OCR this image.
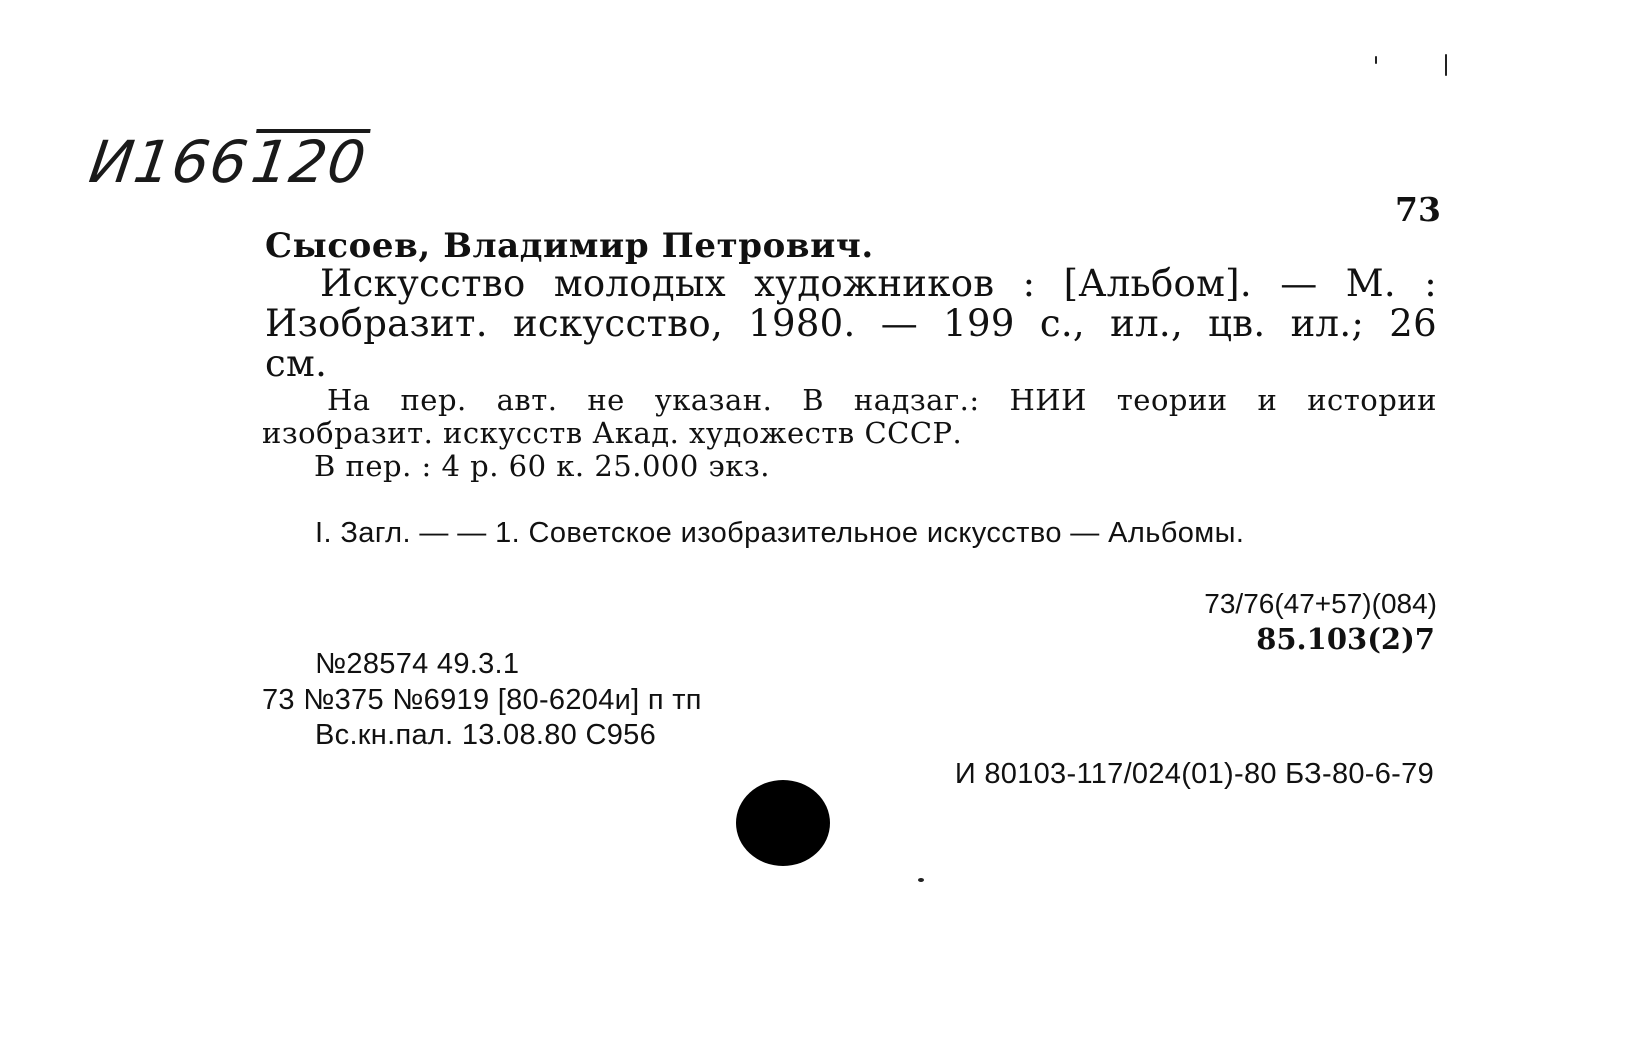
И166120
73
Сысоев, Владимир Петрович.

Искусство молодых художников : [Альбом]. — М. :

Изобразит. искусство, 1980. — 199 с., ил., цв. ил.; 26

см.

На пер. авт. не указан. В надзаг.: НИИ теории и истории

изобразит. искусств Акад. художеств СССР.

В пер. : 4 р. 60 к. 25.000 экз.

I. Загл. — — 1. Советское изобразительное искусство — Альбомы.
73/76(47+57)(084)
85.103(2)7
№28574 49.3.1
73 №375 №6919 [80-6204и] п тп
Вс.кн.пал. 13.08.80 С956
И 80103-117/024(01)-80 БЗ-80-6-79
